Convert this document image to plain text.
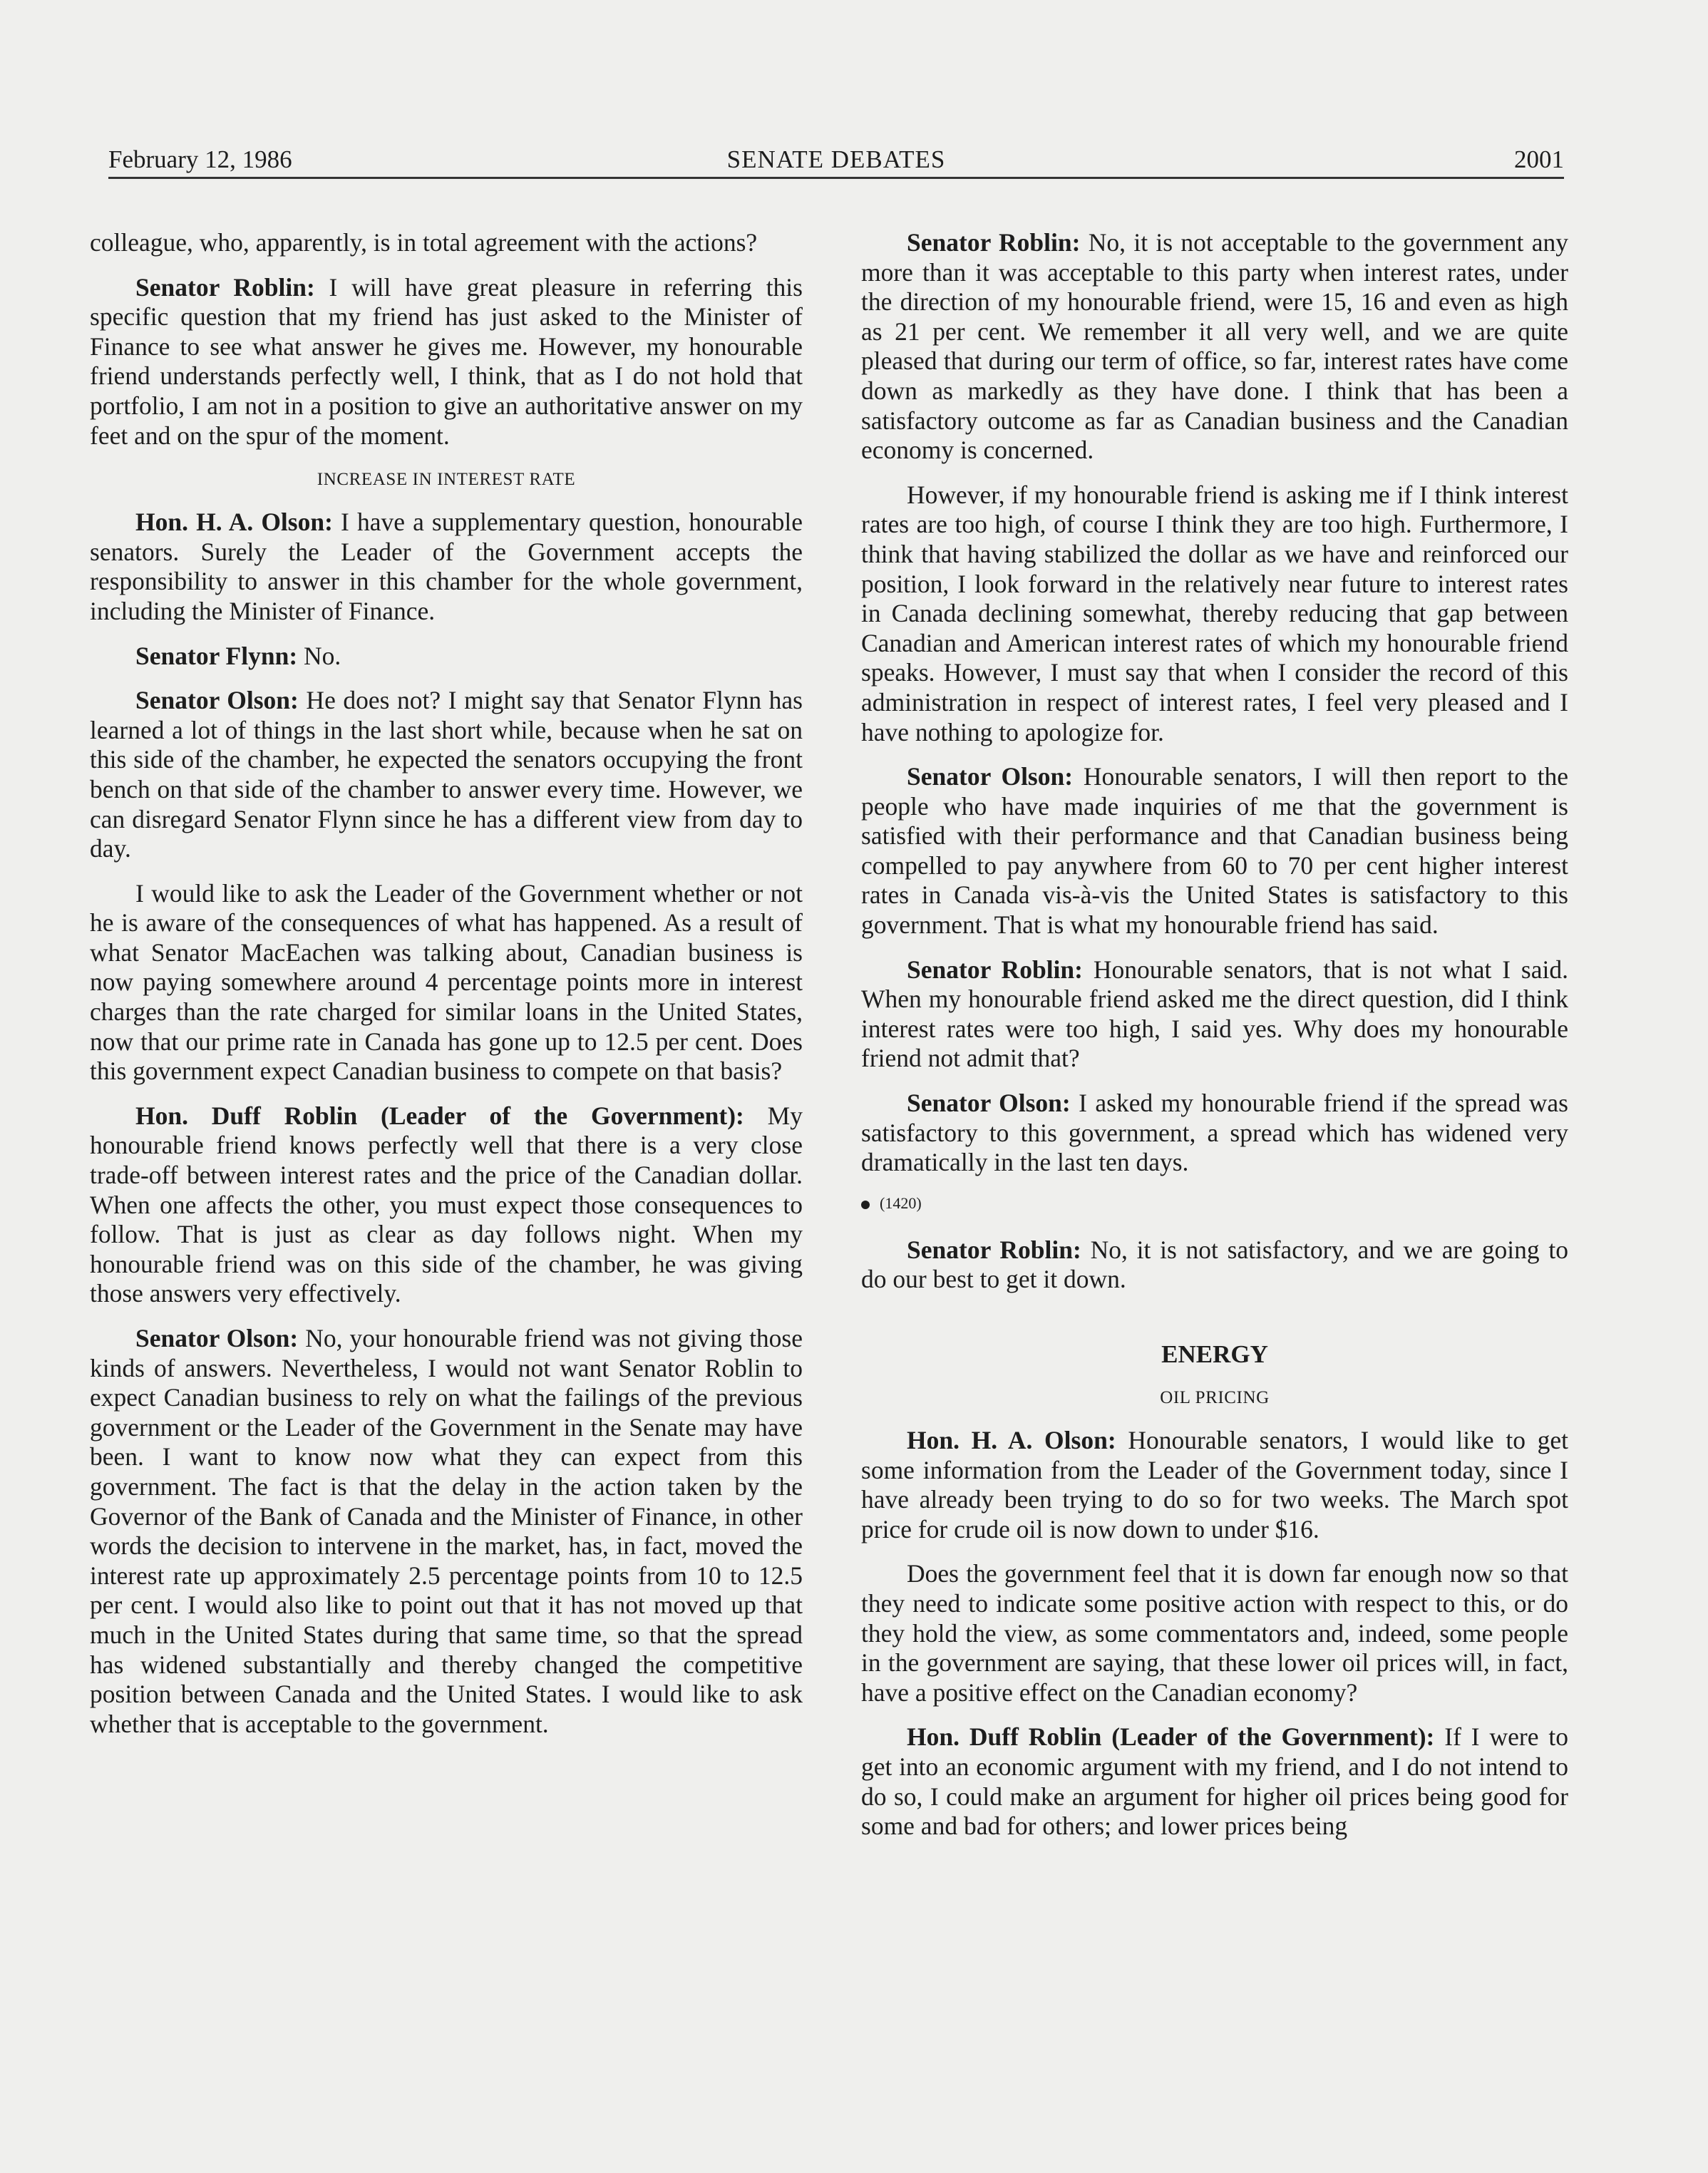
February 12, 1986	SENATE DEBATES	2001

colleague, who, apparently, is in total agreement with the actions?

Senator Roblin: I will have great pleasure in referring this specific question that my friend has just asked to the Minister of Finance to see what answer he gives me. However, my honourable friend understands perfectly well, I think, that as I do not hold that portfolio, I am not in a position to give an authoritative answer on my feet and on the spur of the moment.

INCREASE IN INTEREST RATE

Hon. H. A. Olson: I have a supplementary question, honourable senators. Surely the Leader of the Government accepts the responsibility to answer in this chamber for the whole government, including the Minister of Finance.

Senator Flynn: No.

Senator Olson: He does not? I might say that Senator Flynn has learned a lot of things in the last short while, because when he sat on this side of the chamber, he expected the senators occupying the front bench on that side of the chamber to answer every time. However, we can disregard Senator Flynn since he has a different view from day to day.

I would like to ask the Leader of the Government whether or not he is aware of the consequences of what has happened. As a result of what Senator MacEachen was talking about, Canadian business is now paying somewhere around 4 percentage points more in interest charges than the rate charged for similar loans in the United States, now that our prime rate in Canada has gone up to 12.5 per cent. Does this government expect Canadian business to compete on that basis?

Hon. Duff Roblin (Leader of the Government): My honourable friend knows perfectly well that there is a very close trade-off between interest rates and the price of the Canadian dollar. When one affects the other, you must expect those consequences to follow. That is just as clear as day follows night. When my honourable friend was on this side of the chamber, he was giving those answers very effectively.

Senator Olson: No, your honourable friend was not giving those kinds of answers. Nevertheless, I would not want Senator Roblin to expect Canadian business to rely on what the failings of the previous government or the Leader of the Government in the Senate may have been. I want to know now what they can expect from this government. The fact is that the delay in the action taken by the Governor of the Bank of Canada and the Minister of Finance, in other words the decision to intervene in the market, has, in fact, moved the interest rate up approximately 2.5 percentage points from 10 to 12.5 per cent. I would also like to point out that it has not moved up that much in the United States during that same time, so that the spread has widened substantially and thereby changed the competitive position between Canada and the United States. I would like to ask whether that is acceptable to the government.

Senator Roblin: No, it is not acceptable to the government any more than it was acceptable to this party when interest rates, under the direction of my honourable friend, were 15, 16 and even as high as 21 per cent. We remember it all very well, and we are quite pleased that during our term of office, so far, interest rates have come down as markedly as they have done. I think that has been a satisfactory outcome as far as Canadian business and the Canadian economy is concerned.

However, if my honourable friend is asking me if I think interest rates are too high, of course I think they are too high. Furthermore, I think that having stabilized the dollar as we have and reinforced our position, I look forward in the relatively near future to interest rates in Canada declining somewhat, thereby reducing that gap between Canadian and American interest rates of which my honourable friend speaks. However, I must say that when I consider the record of this administration in respect of interest rates, I feel very pleased and I have nothing to apologize for.

Senator Olson: Honourable senators, I will then report to the people who have made inquiries of me that the government is satisfied with their performance and that Canadian business being compelled to pay anywhere from 60 to 70 per cent higher interest rates in Canada vis-à-vis the United States is satisfactory to this government. That is what my honourable friend has said.

Senator Roblin: Honourable senators, that is not what I said. When my honourable friend asked me the direct question, did I think interest rates were too high, I said yes. Why does my honourable friend not admit that?

Senator Olson: I asked my honourable friend if the spread was satisfactory to this government, a spread which has widened very dramatically in the last ten days.

(1420)

Senator Roblin: No, it is not satisfactory, and we are going to do our best to get it down.

ENERGY
OIL PRICING

Hon. H. A. Olson: Honourable senators, I would like to get some information from the Leader of the Government today, since I have already been trying to do so for two weeks. The March spot price for crude oil is now down to under $16.

Does the government feel that it is down far enough now so that they need to indicate some positive action with respect to this, or do they hold the view, as some commentators and, indeed, some people in the government are saying, that these lower oil prices will, in fact, have a positive effect on the Canadian economy?

Hon. Duff Roblin (Leader of the Government): If I were to get into an economic argument with my friend, and I do not intend to do so, I could make an argument for higher oil prices being good for some and bad for others; and lower prices being
